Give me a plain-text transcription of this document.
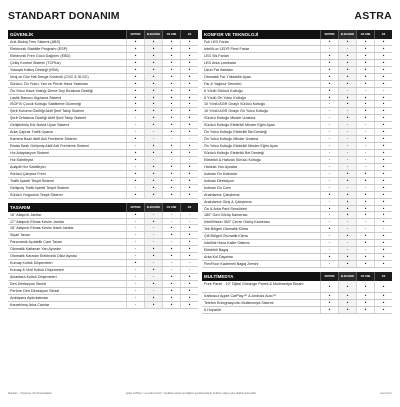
STANDART DONANIM	ASTRA
GÜVENLİK	EDITION	ELEGANCE	GS LINE	GS
Anti-Blokaj Fren Sistemi (ABS)	•	•	•	•
Elektronik Stabilite Programı (ESP)	•	•	•	•
Elektronik Fren Gücü Dağılımı (EBD)	•	•	•	•
Çekiş Kontrol Sistemi (TCPlus)	•	•	•	•
Yokuşta Kalkış Desteği (HSA)	•	•	•	•
Viraj ve Düz Hat Denge Kontrolü (CSC & SLSC)	•	•	•	•
Sürücü, Ön Yolcu, Yan ve Perde Hava Yastıkları	•	•	•	•
Ön Yolcu Hava Yastığı Devre Dışı Bırakma Özelliği	•	•	•	•
Lastik Basıncı Algılama Sistemi	•	•	•	•
ISOFIX Çocuk Koltuğu Sabitleme Düzeneği	•	•	•	•
Şerit Koruma Özelliği Aktif Şerit Takip Sistemi	•	•	•	•
Şerit Ortalama Özelliği Aktif Şerit Takip Sistemi	-	•	•	•
Geliştirilmiş Kör Nokta Uyarı Sistemi	-	•	•	•
Arka Çapraz Trafik Uyarısı	-	-	•	•
Kamera Bazlı Aktif Acil Frenleme Sistemi	•	-	-	-
Radar Bazlı Gelişmiş Aktif Acil Frenleme Sistemi	-	•	•	•
Hız Adaptasyon Sistemi	•	•	•	•
Hız Sabitleyici	•	-	-	-
Adaptif Hız Sabitleyici	-	•	•	•
Sürücü Çalışma Freni	•	•	•	•
Trafik İşareti Tespit Sistemi	•	•	•	•
Gelişmiş Trafik İşareti Tespit Sistemi	-	•	•	•
Sürücü Yorgunluk Tespit Sistemi	•	•	•	•
TASARIM	EDITION	ELEGANCE	GS LINE	GS
16" Alaşımlı Jantlar	•	-	-	-
17" Alaşımlı Elmas Kesim Jantlar	-	•	-	-
18" Alaşımlı Elmas Kesim Ikiset Jantlar	-	-	•	•
Siyah Tavan	-	-	•	•
Panoramik Açılabilir Cam Tavan	-	-	-	•
Otomatik Katlanan Yan Aynalar	-	•	•	•
Otomatik Kararan Elektronik Dikiz Aynası	-	•	•	•
Kumaş Koltuk Döşemeleri	•	-	-	-
Kumaş & Vinil Koltuk Döşemeleri	-	•	-	-
Alcantara Koltuk Döşemeleri	-	-	•	•
Deri Direksiyon Simidi	-	•	•	•
Perfore Deri Direksiyon Simidi	-	-	•	•
Ambiyans Aydınlatması	-	•	•	•
Karartılmış Arka Camlar	-	•	•	•
KONFOR VE TEKNOLOJİ	EDITION	ELEGANCE	GS LINE	GS
Full LED Farlar	•	•	•	•
IntelliLux LED® Pixel Farlar	-	-	•	•
LED Sis Farları	•	•	•	•
LED Arka Lambalar	•	•	•	•
Uzun Far Asistanı	•	•	•	•
Otomatik Far Yükseklik Ayarı	•	•	•	•
Far & Yağmur Sensörü	•	•	•	•
6 Yönlü Sürücü Koltuğu	•	-	-	-
6 Yönlü Ön Yolcu Koltuğu	•	•	•	•
10 Yönlü AGR Onaylı Sürücü Koltuğu	-	•	•	•
10 Yönlü AGR Onaylı Ön Yolcu Koltuğu	-	-	•	•
Sürücü Koltuğu Minder Uzatma	-	•	•	•
Sürücü Koltuğu Elektrikli Minder Eğim Ayarı	-	-	-	•
Ön Yolcu Koltuğu Elektrikli Bel Desteği	-	-	-	•
Ön Yolcu Koltuğu Minder Uzatma	-	-	•	•
Ön Yolcu Koltuğu Elektrikli Minder Eğim Ayarı	-	-	-	•
Sürücü Koltuğu Elektrikli Bel Desteği	-	-	-	•
Elektrikli & Hafızalı Sürücü Koltuğu	-	-	-	•
Hafızalı Yan Aynalar	-	-	-	•
Isıtmalı Ön Koltuklar	-	•	•	•
Isıtmalı Direksiyon	-	•	•	•
Isıtmalı Ön Cam	-	-	-	•
Anahtarsız Çalıştırma	•	•	•	•
Anahtarsız Giriş & Çalıştırma	-	•	•	•
Ön & Arka Park Sensörleri	•	•	•	•
180° Geri Görüş Kamerası	-	•	•	•
IntelliVision 360° Çevre Görüş Kamerası	-	-	-	•
Tek Bölgeli Otomatik Klima	•	-	-	-
Çift Bölgeli Otomatik Klima	-	•	•	•
Intellink Hava Kalite Sistemi	-	-	•	•
Elektrikli Bagaj	-	-	-	•
Arka Kol Dayama	•	•	•	•
FlexFloor Kademeli Bagaj Zemini	-	•	•	•
MULTİMEDYA	EDITION	ELEGANCE	GS LINE	GS
Pure Panel - 10" Dijital Gösterge Paneli & Multimedya Ekranı
•	•	•	•
Kablosuz Apple CarPlay™ & Android Auto™	•	•	•	•
Telefon Entegrasyonlu Multimedya Sistemi	•	•	•	•
6 Hoparlör	•	•	•	•
Standart | - Opsiyonel | Sunulmamaktadır	Apple CarPlay™ ve Android Auto™ özellikleri telefon ile bağlantı gerektirmektedir. Kullanım ülkeye göre farklılık gösterebilir.	opel.com.tr
